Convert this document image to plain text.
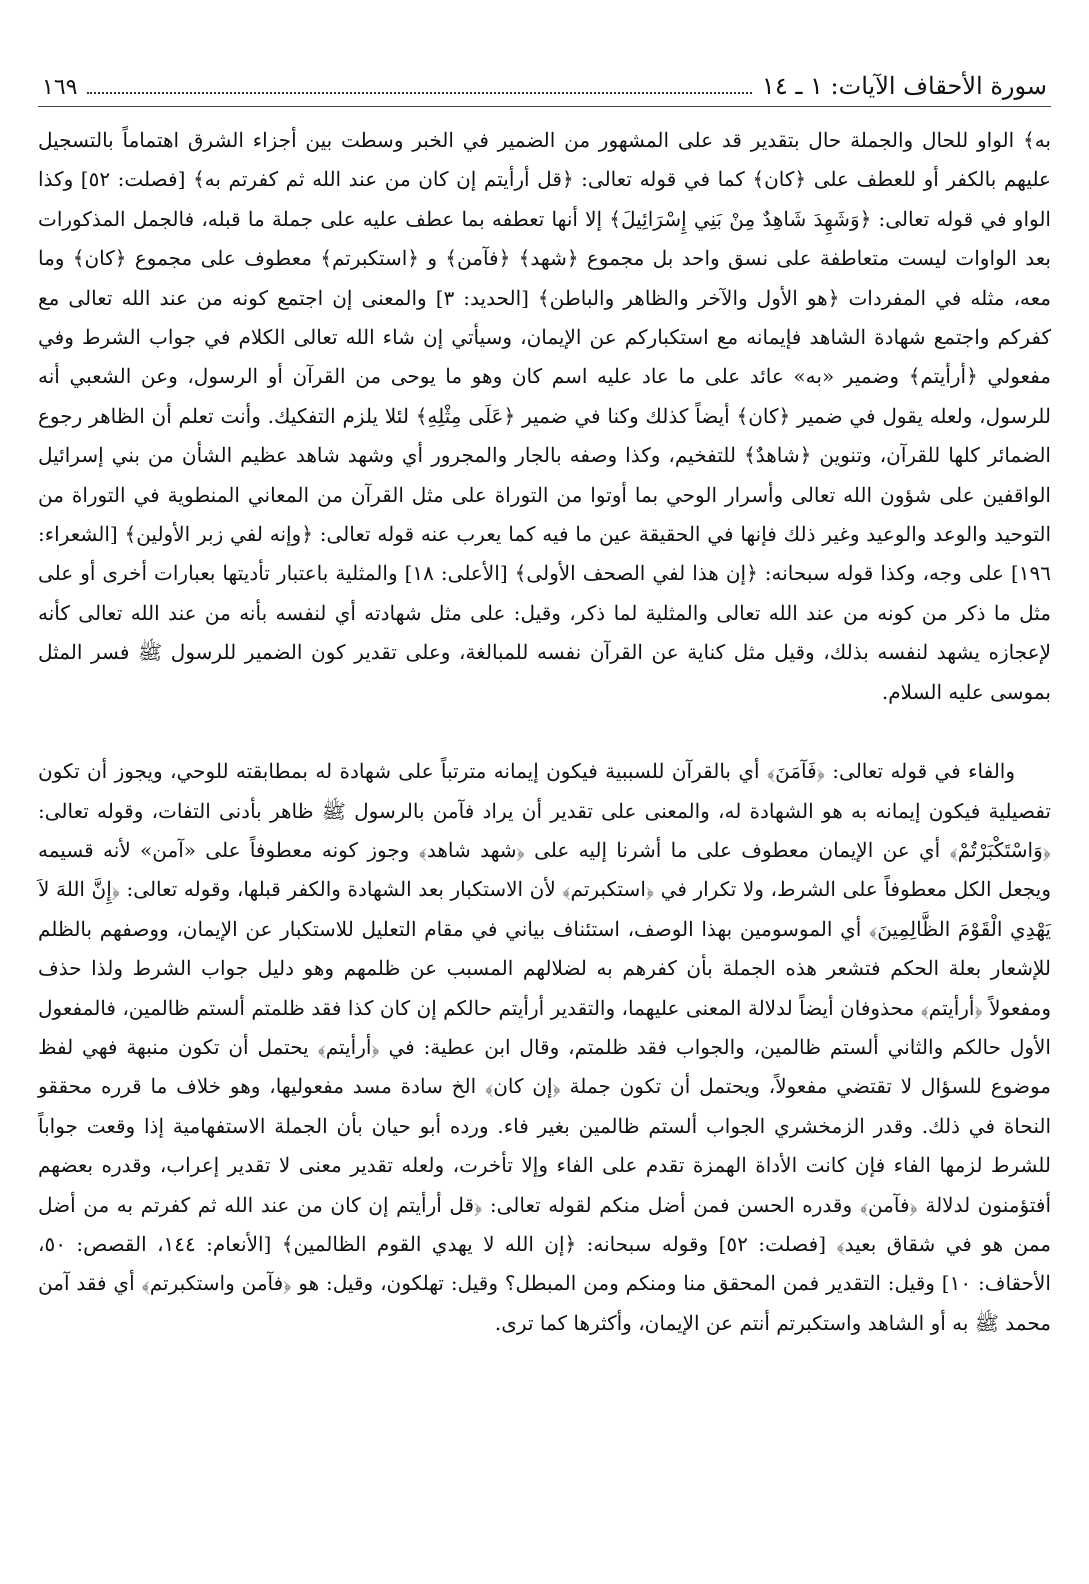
سورة الأحقاف الآيات: ١ ـ ١٤
١٦٩

به﴾ الواو للحال والجملة حال بتقدير قد على المشهور من الضمير في الخبر وسطت بين أجزاء الشرق اهتماماً بالتسجيل عليهم بالكفر أو للعطف على ﴿كان﴾ كما في قوله تعالى: ﴿قل أرأيتم إن كان من عند الله ثم كفرتم به﴾ [فصلت: ٥٢] وكذا الواو في قوله تعالى: ﴿وَشَهِدَ شَاهِدٌ مِنْ بَنِي إِسْرَائِيلَ﴾ إلا أنها تعطفه بما عطف عليه على جملة ما قبله، فالجمل المذكورات بعد الواوات ليست متعاطفة على نسق واحد بل مجموع ﴿شهد﴾ ﴿فآمن﴾ و ﴿استكبرتم﴾ معطوف على مجموع ﴿كان﴾ وما معه، مثله في المفردات ﴿هو الأول والآخر والظاهر والباطن﴾ [الحديد: ٣] والمعنى إن اجتمع كونه من عند الله تعالى مع كفركم واجتمع شهادة الشاهد فإيمانه مع استكباركم عن الإيمان، وسيأتي إن شاء الله تعالى الكلام في جواب الشرط وفي مفعولي ﴿أرأيتم﴾ وضمير «به» عائد على ما عاد عليه اسم كان وهو ما يوحى من القرآن أو الرسول، وعن الشعبي أنه للرسول، ولعله يقول في ضمير ﴿كان﴾ أيضاً كذلك وكنا في ضمير ﴿عَلَى مِثْلِهِ﴾ لئلا يلزم التفكيك. وأنت تعلم أن الظاهر رجوع الضمائر كلها للقرآن، وتنوين ﴿شاهدٌ﴾ للتفخيم، وكذا وصفه بالجار والمجرور أي وشهد شاهد عظيم الشأن من بني إسرائيل الواقفين على شؤون الله تعالى وأسرار الوحي بما أوتوا من التوراة على مثل القرآن من المعاني المنطوية في التوراة من التوحيد والوعد والوعيد وغير ذلك فإنها في الحقيقة عين ما فيه كما يعرب عنه قوله تعالى: ﴿وإنه لفي زبر الأولين﴾ [الشعراء: ١٩٦] على وجه، وكذا قوله سبحانه: ﴿إن هذا لفي الصحف الأولى﴾ [الأعلى: ١٨] والمثلية باعتبار تأديتها بعبارات أخرى أو على مثل ما ذكر من كونه من عند الله تعالى والمثلية لما ذكر، وقيل: على مثل شهادته أي لنفسه بأنه من عند الله تعالى كأنه لإعجازه يشهد لنفسه بذلك، وقيل مثل كناية عن القرآن نفسه للمبالغة، وعلى تقدير كون الضمير للرسول ﷺ فسر المثل بموسى عليه السلام.

والفاء في قوله تعالى: ﴿فَآمَنَ﴾ أي بالقرآن للسببية فيكون إيمانه مترتباً على شهادة له بمطابقته للوحي، ويجوز أن تكون تفصيلية فيكون إيمانه به هو الشهادة له، والمعنى على تقدير أن يراد فآمن بالرسول ﷺ ظاهر بأدنى التفات، وقوله تعالى: ﴿وَاسْتَكْبَرْتُمْ﴾ أي عن الإيمان معطوف على ما أشرنا إليه على ﴿شهد شاهد﴾ وجوز كونه معطوفاً على «آمن» لأنه قسيمه ويجعل الكل معطوفاً على الشرط، ولا تكرار في ﴿استكبرتم﴾ لأن الاستكبار بعد الشهادة والكفر قبلها، وقوله تعالى: ﴿إِنَّ اللهَ لاَ يَهْدِي الْقَوْمَ الظَّالِمِينَ﴾ أي الموسومين بهذا الوصف، استئناف بياني في مقام التعليل للاستكبار عن الإيمان، ووصفهم بالظلم للإشعار بعلة الحكم فتشعر هذه الجملة بأن كفرهم به لضلالهم المسبب عن ظلمهم وهو دليل جواب الشرط ولذا حذف ومفعولاً ﴿أرأيتم﴾ محذوفان أيضاً لدلالة المعنى عليهما، والتقدير أرأيتم حالكم إن كان كذا فقد ظلمتم ألستم ظالمين، فالمفعول الأول حالكم والثاني ألستم ظالمين، والجواب فقد ظلمتم، وقال ابن عطية: في ﴿أرأيتم﴾ يحتمل أن تكون منبهة فهي لفظ موضوع للسؤال لا تقتضي مفعولاً، ويحتمل أن تكون جملة ﴿إن كان﴾ الخ سادة مسد مفعوليها، وهو خلاف ما قرره محققو النحاة في ذلك. وقدر الزمخشري الجواب ألستم ظالمين بغير فاء. ورده أبو حيان بأن الجملة الاستفهامية إذا وقعت جواباً للشرط لزمها الفاء فإن كانت الأداة الهمزة تقدم على الفاء وإلا تأخرت، ولعله تقدير معنى لا تقدير إعراب، وقدره بعضهم أفتؤمنون لدلالة ﴿فآمن﴾ وقدره الحسن فمن أضل منكم لقوله تعالى: ﴿قل أرأيتم إن كان من عند الله ثم كفرتم به من أضل ممن هو في شقاق بعيد﴾ [فصلت: ٥٢] وقوله سبحانه: ﴿إن الله لا يهدي القوم الظالمين﴾ [الأنعام: ١٤٤، القصص: ٥٠، الأحقاف: ١٠] وقيل: التقدير فمن المحقق منا ومنكم ومن المبطل؟ وقيل: تهلكون، وقيل: هو ﴿فآمن واستكبرتم﴾ أي فقد آمن محمد ﷺ به أو الشاهد واستكبرتم أنتم عن الإيمان، وأكثرها كما ترى.
